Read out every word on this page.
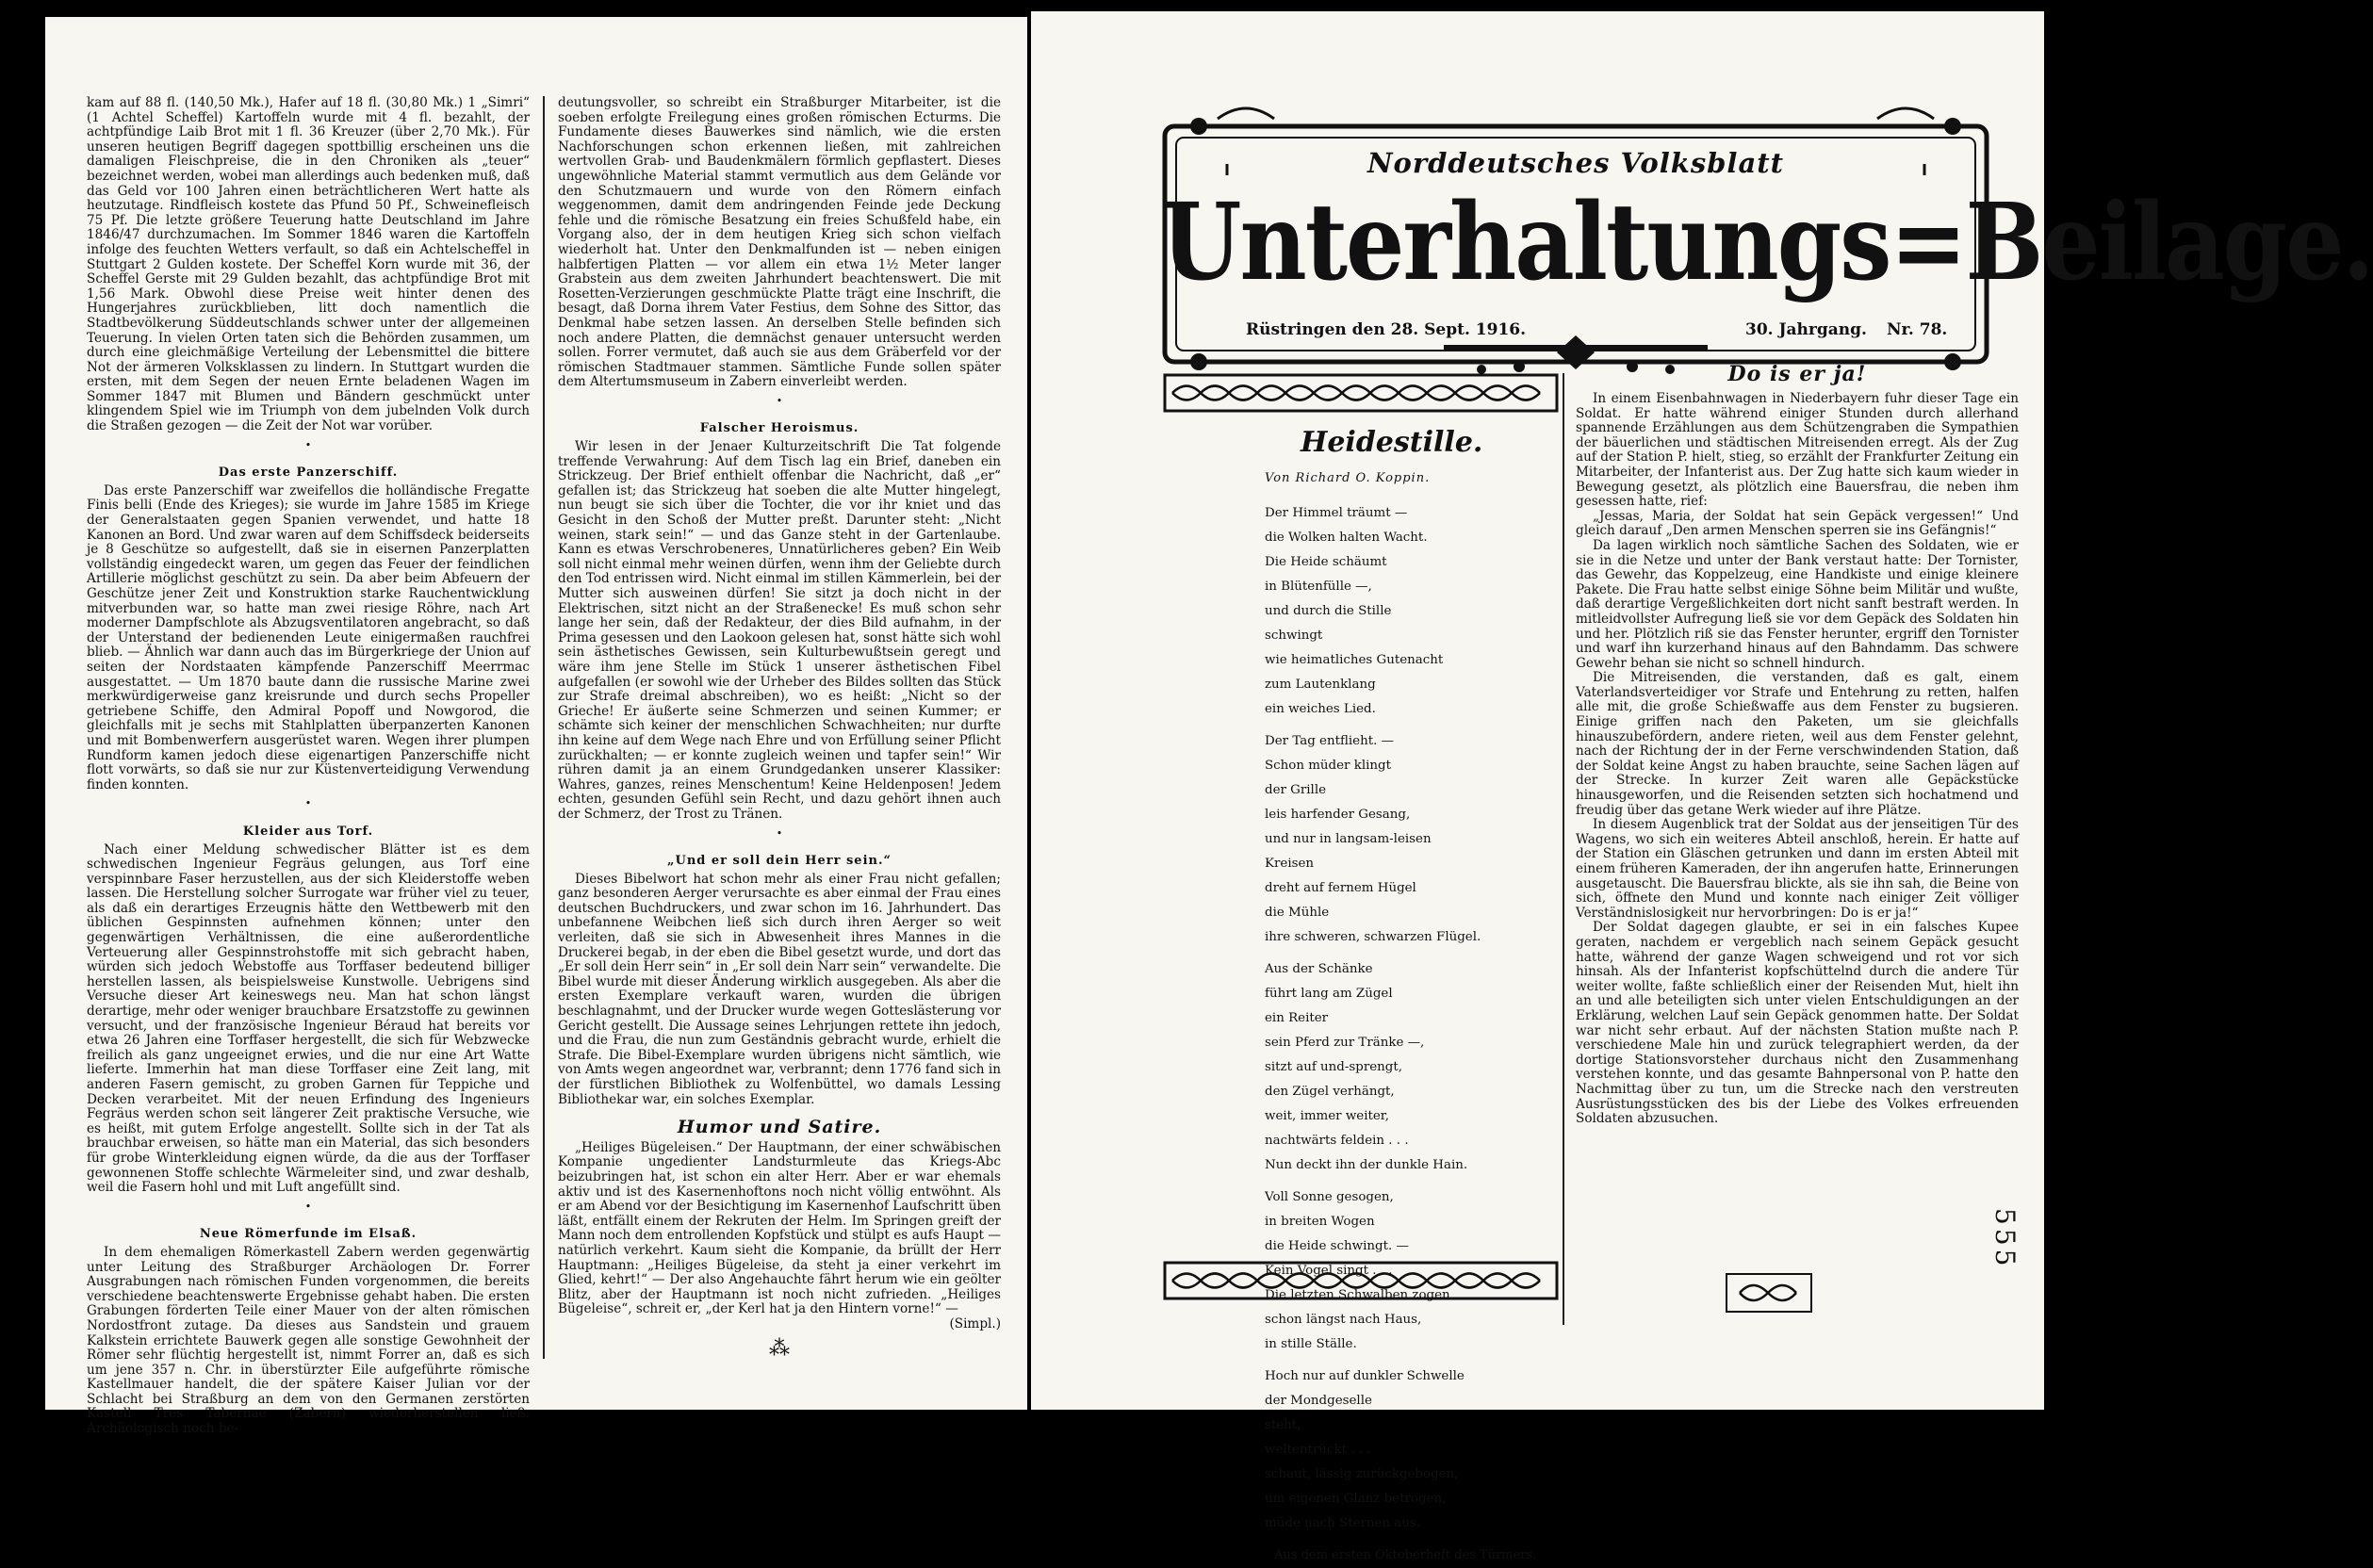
kam auf 88 fl. (140,50 Mk.), Hafer auf 18 fl. (30,80 Mk.) 1 „Simri“ (1 Achtel Scheffel) Kartoffeln wurde mit 4 fl. bezahlt, der achtpfündige Laib Brot mit 1 fl. 36 Kreuzer (über 2,70 Mk.). Für unseren heutigen Begriff dagegen spottbillig erscheinen uns die damaligen Fleischpreise, die in den Chroniken als „teuer“ bezeichnet werden, wobei man allerdings auch bedenken muß, daß das Geld vor 100 Jahren einen beträchtlicheren Wert hatte als heutzutage. Rindfleisch kostete das Pfund 50 Pf., Schweinefleisch 75 Pf. Die letzte größere Teuerung hatte Deutschland im Jahre 1846/47 durchzumachen. Im Sommer 1846 waren die Kartoffeln infolge des feuchten Wetters verfault, so daß ein Achtelscheffel in Stuttgart 2 Gulden kostete. Der Scheffel Korn wurde mit 36, der Scheffel Gerste mit 29 Gulden bezahlt, das achtpfündige Brot mit 1,56 Mark. Obwohl diese Preise weit hinter denen des Hungerjahres zurückblieben, litt doch namentlich die Stadtbevölkerung Süddeutschlands schwer unter der allgemeinen Teuerung. In vielen Orten taten sich die Behörden zusammen, um durch eine gleichmäßige Verteilung der Lebensmittel die bittere Not der ärmeren Volksklassen zu lindern. In Stuttgart wurden die ersten, mit dem Segen der neuen Ernte beladenen Wagen im Sommer 1847 mit Blumen und Bändern geschmückt unter klingendem Spiel wie im Triumph von dem jubelnden Volk durch die Straßen gezogen — die Zeit der Not war vorüber.

•
Das erste Panzerschiff.

Das erste Panzerschiff war zweifellos die holländische Fregatte Finis belli (Ende des Krieges); sie wurde im Jahre 1585 im Kriege der Generalstaaten gegen Spanien verwendet, und hatte 18 Kanonen an Bord. Und zwar waren auf dem Schiffsdeck beiderseits je 8 Geschütze so aufgestellt, daß sie in eisernen Panzerplatten vollständig eingedeckt waren, um gegen das Feuer der feindlichen Artillerie möglichst geschützt zu sein. Da aber beim Abfeuern der Geschütze jener Zeit und Konstruktion starke Rauchentwicklung mitverbunden war, so hatte man zwei riesige Röhre, nach Art moderner Dampfschlote als Abzugsventilatoren angebracht, so daß der Unterstand der bedienenden Leute einigermaßen rauchfrei blieb. — Ähnlich war dann auch das im Bürgerkriege der Union auf seiten der Nordstaaten kämpfende Panzerschiff Meerrmac ausgestattet. — Um 1870 baute dann die russische Marine zwei merkwürdigerweise ganz kreisrunde und durch sechs Propeller getriebene Schiffe, den Admiral Popoff und Nowgorod, die gleichfalls mit je sechs mit Stahlplatten überpanzerten Kanonen und mit Bombenwerfern ausgerüstet waren. Wegen ihrer plumpen Rundform kamen jedoch diese eigenartigen Panzerschiffe nicht flott vorwärts, so daß sie nur zur Küstenverteidigung Verwendung finden konnten.

•
Kleider aus Torf.

Nach einer Meldung schwedischer Blätter ist es dem schwedischen Ingenieur Fegräus gelungen, aus Torf eine verspinnbare Faser herzustellen, aus der sich Kleiderstoffe weben lassen. Die Herstellung solcher Surrogate war früher viel zu teuer, als daß ein derartiges Erzeugnis hätte den Wettbewerb mit den üblichen Gespinnsten aufnehmen können; unter den gegenwärtigen Verhältnissen, die eine außerordentliche Verteuerung aller Gespinnstrohstoffe mit sich gebracht haben, würden sich jedoch Webstoffe aus Torffaser bedeutend billiger herstellen lassen, als beispielsweise Kunstwolle. Uebrigens sind Versuche dieser Art keineswegs neu. Man hat schon längst derartige, mehr oder weniger brauchbare Ersatzstoffe zu gewinnen versucht, und der französische Ingenieur Béraud hat bereits vor etwa 26 Jahren eine Torffaser hergestellt, die sich für Webzwecke freilich als ganz ungeeignet erwies, und die nur eine Art Watte lieferte. Immerhin hat man diese Torffaser eine Zeit lang, mit anderen Fasern gemischt, zu groben Garnen für Teppiche und Decken verarbeitet. Mit der neuen Erfindung des Ingenieurs Fegräus werden schon seit längerer Zeit praktische Versuche, wie es heißt, mit gutem Erfolge angestellt. Sollte sich in der Tat als brauchbar erweisen, so hätte man ein Material, das sich besonders für grobe Winterkleidung eignen würde, da die aus der Torffaser gewonnenen Stoffe schlechte Wärmeleiter sind, und zwar deshalb, weil die Fasern hohl und mit Luft angefüllt sind.

•
Neue Römerfunde im Elsaß.

In dem ehemaligen Römerkastell Zabern werden gegenwärtig unter Leitung des Straßburger Archäologen Dr. Forrer Ausgrabungen nach römischen Funden vorgenommen, die bereits verschiedene beachtenswerte Ergebnisse gehabt haben. Die ersten Grabungen förderten Teile einer Mauer von der alten römischen Nordostfront zutage. Da dieses aus Sandstein und grauem Kalkstein errichtete Bauwerk gegen alle sonstige Gewohnheit der Römer sehr flüchtig hergestellt ist, nimmt Forrer an, daß es sich um jene 357 n. Chr. in überstürzter Eile aufgeführte römische Kastellmauer handelt, die der spätere Kaiser Julian vor der Schlacht bei Straßburg an dem von den Germanen zerstörten Kastell Tres Tabernae (Zabern) wiederherstellen ließ. Archäologisch noch be-

deutungsvoller, so schreibt ein Straßburger Mitarbeiter, ist die soeben erfolgte Freilegung eines großen römischen Ecturms. Die Fundamente dieses Bauwerkes sind nämlich, wie die ersten Nachforschungen schon erkennen ließen, mit zahlreichen wertvollen Grab- und Baudenkmälern förmlich gepflastert. Dieses ungewöhnliche Material stammt vermutlich aus dem Gelände vor den Schutzmauern und wurde von den Römern einfach weggenommen, damit dem andringenden Feinde jede Deckung fehle und die römische Besatzung ein freies Schußfeld habe, ein Vorgang also, der in dem heutigen Krieg sich schon vielfach wiederholt hat. Unter den Denkmalfunden ist — neben einigen halbfertigen Platten — vor allem ein etwa 1½ Meter langer Grabstein aus dem zweiten Jahrhundert beachtenswert. Die mit Rosetten-Verzierungen geschmückte Platte trägt eine Inschrift, die besagt, daß Dorna ihrem Vater Festius, dem Sohne des Sittor, das Denkmal habe setzen lassen. An derselben Stelle befinden sich noch andere Platten, die demnächst genauer untersucht werden sollen. Forrer vermutet, daß auch sie aus dem Gräberfeld vor der römischen Stadtmauer stammen. Sämtliche Funde sollen später dem Altertumsmuseum in Zabern einverleibt werden.

•
Falscher Heroismus.

Wir lesen in der Jenaer Kulturzeitschrift Die Tat folgende treffende Verwahrung: Auf dem Tisch lag ein Brief, daneben ein Strickzeug. Der Brief enthielt offenbar die Nachricht, daß „er“ gefallen ist; das Strickzeug hat soeben die alte Mutter hingelegt, nun beugt sie sich über die Tochter, die vor ihr kniet und das Gesicht in den Schoß der Mutter preßt. Darunter steht: „Nicht weinen, stark sein!“ — und das Ganze steht in der Gartenlaube. Kann es etwas Verschrobeneres, Unnatürlicheres geben? Ein Weib soll nicht einmal mehr weinen dürfen, wenn ihm der Geliebte durch den Tod entrissen wird. Nicht einmal im stillen Kämmerlein, bei der Mutter sich ausweinen dürfen! Sie sitzt ja doch nicht in der Elektrischen, sitzt nicht an der Straßenecke! Es muß schon sehr lange her sein, daß der Redakteur, der dies Bild aufnahm, in der Prima gesessen und den Laokoon gelesen hat, sonst hätte sich wohl sein ästhetisches Gewissen, sein Kulturbewußtsein geregt und wäre ihm jene Stelle im Stück 1 unserer ästhetischen Fibel aufgefallen (er sowohl wie der Urheber des Bildes sollten das Stück zur Strafe dreimal abschreiben), wo es heißt: „Nicht so der Grieche! Er äußerte seine Schmerzen und seinen Kummer; er schämte sich keiner der menschlichen Schwachheiten; nur durfte ihn keine auf dem Wege nach Ehre und von Erfüllung seiner Pflicht zurückhalten; — er konnte zugleich weinen und tapfer sein!“ Wir rühren damit ja an einem Grundgedanken unserer Klassiker: Wahres, ganzes, reines Menschentum! Keine Heldenposen! Jedem echten, gesunden Gefühl sein Recht, und dazu gehört ihnen auch der Schmerz, der Trost zu Tränen.

•
„Und er soll dein Herr sein.“

Dieses Bibelwort hat schon mehr als einer Frau nicht gefallen; ganz besonderen Aerger verursachte es aber einmal der Frau eines deutschen Buchdruckers, und zwar schon im 16. Jahrhundert. Das unbefannene Weibchen ließ sich durch ihren Aerger so weit verleiten, daß sie sich in Abwesenheit ihres Mannes in die Druckerei begab, in der eben die Bibel gesetzt wurde, und dort das „Er soll dein Herr sein“ in „Er soll dein Narr sein“ verwandelte. Die Bibel wurde mit dieser Änderung wirklich ausgegeben. Als aber die ersten Exemplare verkauft waren, wurden die übrigen beschlagnahmt, und der Drucker wurde wegen Gotteslästerung vor Gericht gestellt. Die Aussage seines Lehrjungen rettete ihn jedoch, und die Frau, die nun zum Geständnis gebracht wurde, erhielt die Strafe. Die Bibel-Exemplare wurden übrigens nicht sämtlich, wie von Amts wegen angeordnet war, verbrannt; denn 1776 fand sich in der fürstlichen Bibliothek zu Wolfenbüttel, wo damals Lessing Bibliothekar war, ein solches Exemplar.

Humor und Satire.

„Heiliges Bügeleisen.“ Der Hauptmann, der einer schwäbischen Kompanie ungedienter Landsturmleute das Kriegs-Abc beizubringen hat, ist schon ein alter Herr. Aber er war ehemals aktiv und ist des Kasernenhoftons noch nicht völlig entwöhnt. Als er am Abend vor der Besichtigung im Kasernenhof Laufschritt üben läßt, entfällt einem der Rekruten der Helm. Im Springen greift der Mann noch dem entrollenden Kopfstück und stülpt es aufs Haupt — natürlich verkehrt. Kaum sieht die Kompanie, da brüllt der Herr Hauptmann: „Heiliges Bügeleise, da steht ja einer verkehrt im Glied, kehrt!“ — Der also Angehauchte fährt herum wie ein geölter Blitz, aber der Hauptmann ist noch nicht zufrieden. „Heiliges Bügeleise“, schreit er, „der Kerl hat ja den Hintern vorne!“ —

(Simpl.)
⁂
Norddeutsches Volksblatt
Unterhaltungs=Beilage.
Rüstringen den 28. Sept. 1916.	30. Jahrgang. Nr. 78.
Heidestille.
Von Richard O. Koppin.
Der Himmel träumt —
die Wolken halten Wacht.
Die Heide schäumt
in Blütenfülle —,
und durch die Stille
schwingt
wie heimatliches Gutenacht
zum Lautenklang
ein weiches Lied.
Der Tag entflieht. —
Schon müder klingt
der Grille
leis harfender Gesang,
und nur in langsam-leisen
Kreisen
dreht auf fernem Hügel
die Mühle
ihre schweren, schwarzen Flügel.
Aus der Schänke
führt lang am Zügel
ein Reiter
sein Pferd zur Tränke —,
sitzt auf und-sprengt,
den Zügel verhängt,
weit, immer weiter,
nachtwärts feldein . . .
Nun deckt ihn der dunkle Hain.
Voll Sonne gesogen,
in breiten Wogen
die Heide schwingt. —
Kein Vogel singt . . .
Die letzten Schwalben zogen
schon längst nach Haus,
in stille Ställe.
Hoch nur auf dunkler Schwelle
der Mondgeselle
steht,
weltentrückt . . .
schaut, lässig zurückgebogen,
um eigenen Glanz betrogen,
müde nach Sternen aus.
Aus dem ersten Oktoberheft des Türmers.
Do is er ja!

In einem Eisenbahnwagen in Niederbayern fuhr dieser Tage ein Soldat. Er hatte während einiger Stunden durch allerhand spannende Erzählungen aus dem Schützengraben die Sympathien der bäuerlichen und städtischen Mitreisenden erregt. Als der Zug auf der Station P. hielt, stieg, so erzählt der Frankfurter Zeitung ein Mitarbeiter, der Infanterist aus. Der Zug hatte sich kaum wieder in Bewegung gesetzt, als plötzlich eine Bauersfrau, die neben ihm gesessen hatte, rief:

„Jessas, Maria, der Soldat hat sein Gepäck vergessen!“ Und gleich darauf „Den armen Menschen sperren sie ins Gefängnis!“

Da lagen wirklich noch sämtliche Sachen des Soldaten, wie er sie in die Netze und unter der Bank verstaut hatte: Der Tornister, das Gewehr, das Koppelzeug, eine Handkiste und einige kleinere Pakete. Die Frau hatte selbst einige Söhne beim Militär und wußte, daß derartige Vergeßlichkeiten dort nicht sanft bestraft werden. In mitleidvollster Aufregung ließ sie vor dem Gepäck des Soldaten hin und her. Plötzlich riß sie das Fenster herunter, ergriff den Tornister und warf ihn kurzerhand hinaus auf den Bahndamm. Das schwere Gewehr behan sie nicht so schnell hindurch.

Die Mitreisenden, die verstanden, daß es galt, einem Vaterlandsverteidiger vor Strafe und Entehrung zu retten, halfen alle mit, die große Schießwaffe aus dem Fenster zu bugsieren. Einige griffen nach den Paketen, um sie gleichfalls hinauszubefördern, andere rieten, weil aus dem Fenster gelehnt, nach der Richtung der in der Ferne verschwindenden Station, daß der Soldat keine Angst zu haben brauchte, seine Sachen lägen auf der Strecke. In kurzer Zeit waren alle Gepäckstücke hinausgeworfen, und die Reisenden setzten sich hochatmend und freudig über das getane Werk wieder auf ihre Plätze.

In diesem Augenblick trat der Soldat aus der jenseitigen Tür des Wagens, wo sich ein weiteres Abteil anschloß, herein. Er hatte auf der Station ein Gläschen getrunken und dann im ersten Abteil mit einem früheren Kameraden, der ihn angerufen hatte, Erinnerungen ausgetauscht. Die Bauersfrau blickte, als sie ihn sah, die Beine von sich, öffnete den Mund und konnte nach einiger Zeit völliger Verständnislosigkeit nur hervorbringen: Do is er ja!“

Der Soldat dagegen glaubte, er sei in ein falsches Kupee geraten, nachdem er vergeblich nach seinem Gepäck gesucht hatte, während der ganze Wagen schweigend und rot vor sich hinsah. Als der Infanterist kopfschüttelnd durch die andere Tür weiter wollte, faßte schließlich einer der Reisenden Mut, hielt ihn an und alle beteiligten sich unter vielen Entschuldigungen an der Erklärung, welchen Lauf sein Gepäck genommen hatte. Der Soldat war nicht sehr erbaut. Auf der nächsten Station mußte nach P. verschiedene Male hin und zurück telegraphiert werden, da der dortige Stationsvorsteher durchaus nicht den Zusammenhang verstehen konnte, und das gesamte Bahnpersonal von P. hatte den Nachmittag über zu tun, um die Strecke nach den verstreuten Ausrüstungsstücken des bis der Liebe des Volkes erfreuenden Soldaten abzusuchen.

555
